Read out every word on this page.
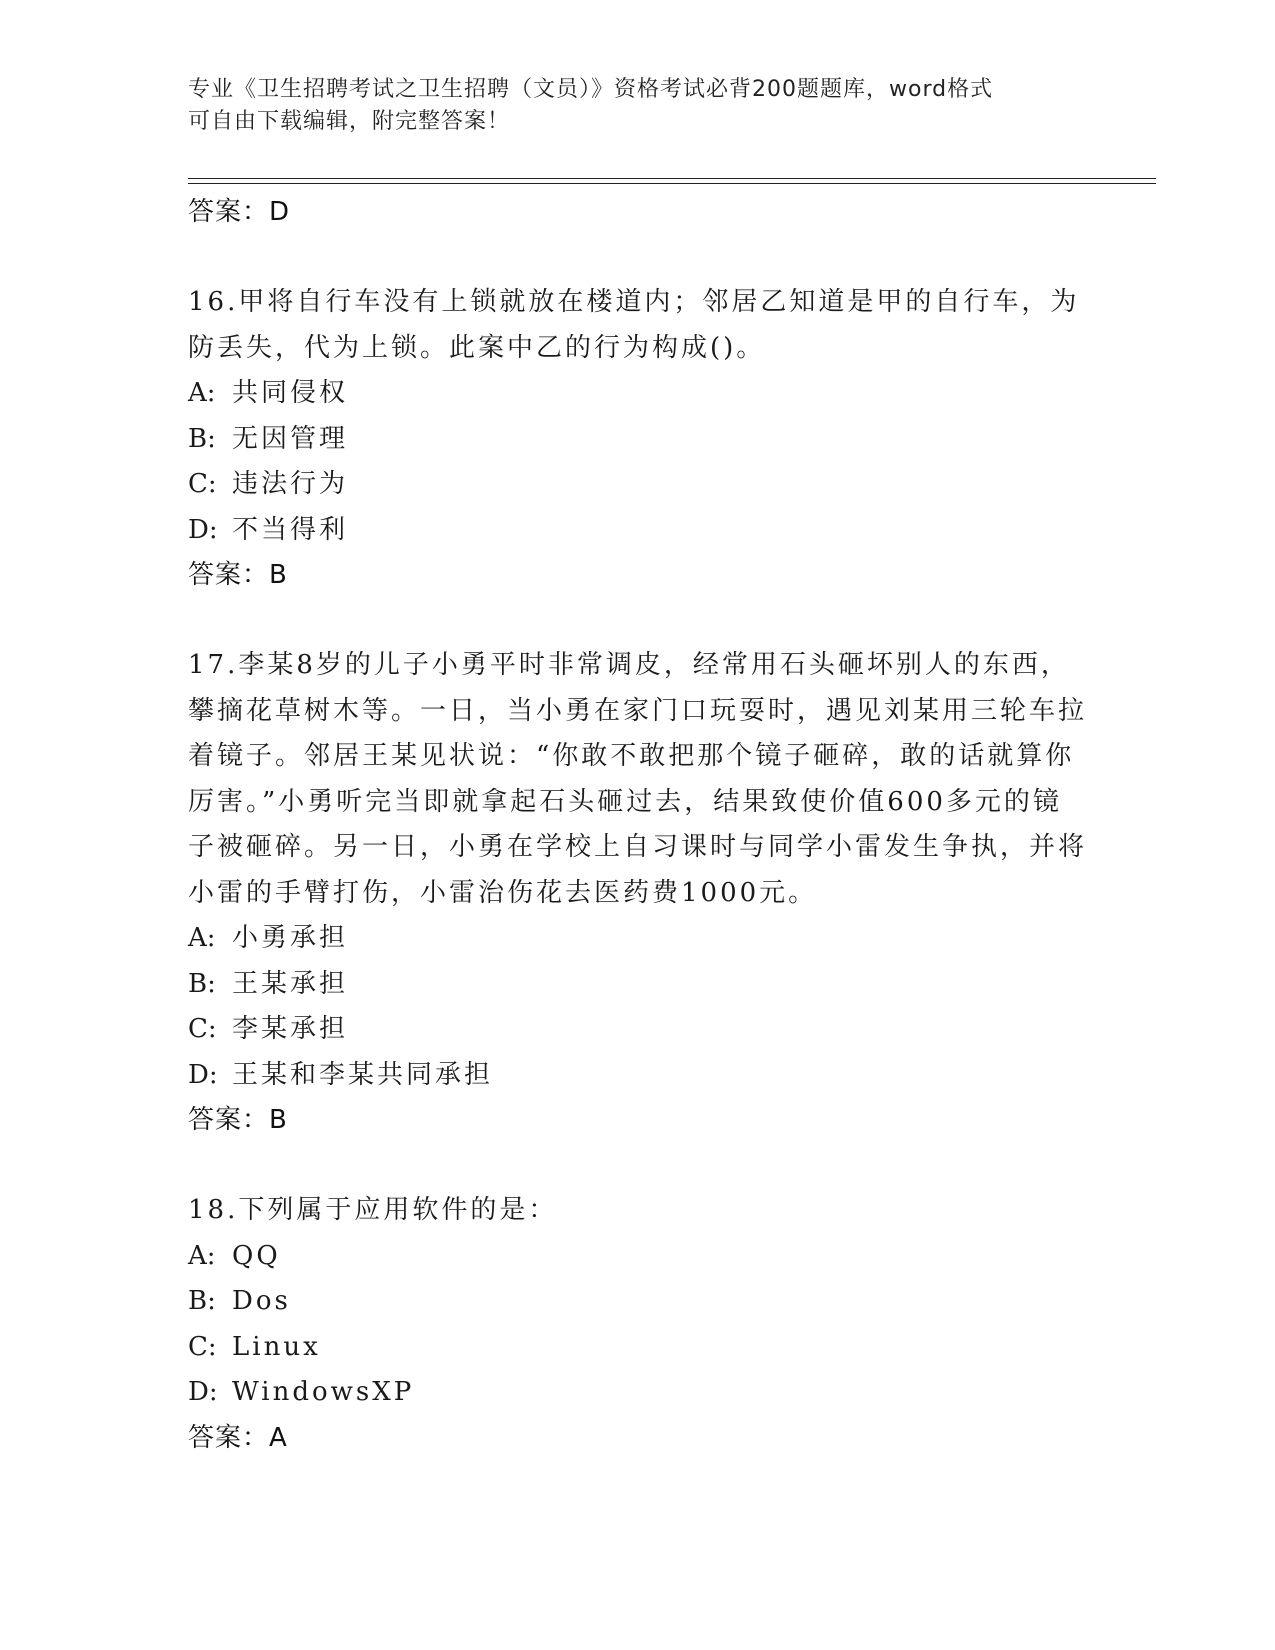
专业《卫生招聘考试之卫生招聘（文员）》资格考试必背200题题库，word格式
可自由下载编辑，附完整答案！
答案：D
16.甲将自行车没有上锁就放在楼道内；邻居乙知道是甲的自行车，为防丢失，代为上锁。此案中乙的行为构成()。
A: 共同侵权
B: 无因管理
C: 违法行为
D: 不当得利
答案：B
17.李某8岁的儿子小勇平时非常调皮，经常用石头砸坏别人的东西，攀摘花草树木等。一日，当小勇在家门口玩耍时，遇见刘某用三轮车拉着镜子。邻居王某见状说：“你敢不敢把那个镜子砸碎，敢的话就算你厉害。”小勇听完当即就拿起石头砸过去，结果致使价值600多元的镜子被砸碎。另一日，小勇在学校上自习课时与同学小雷发生争执，并将小雷的手臂打伤，小雷治伤花去医药费1000元。
A: 小勇承担
B: 王某承担
C: 李某承担
D: 王某和李某共同承担
答案：B
18.下列属于应用软件的是：
A: QQ
B: Dos
C: Linux
D: WindowsXP
答案：A
